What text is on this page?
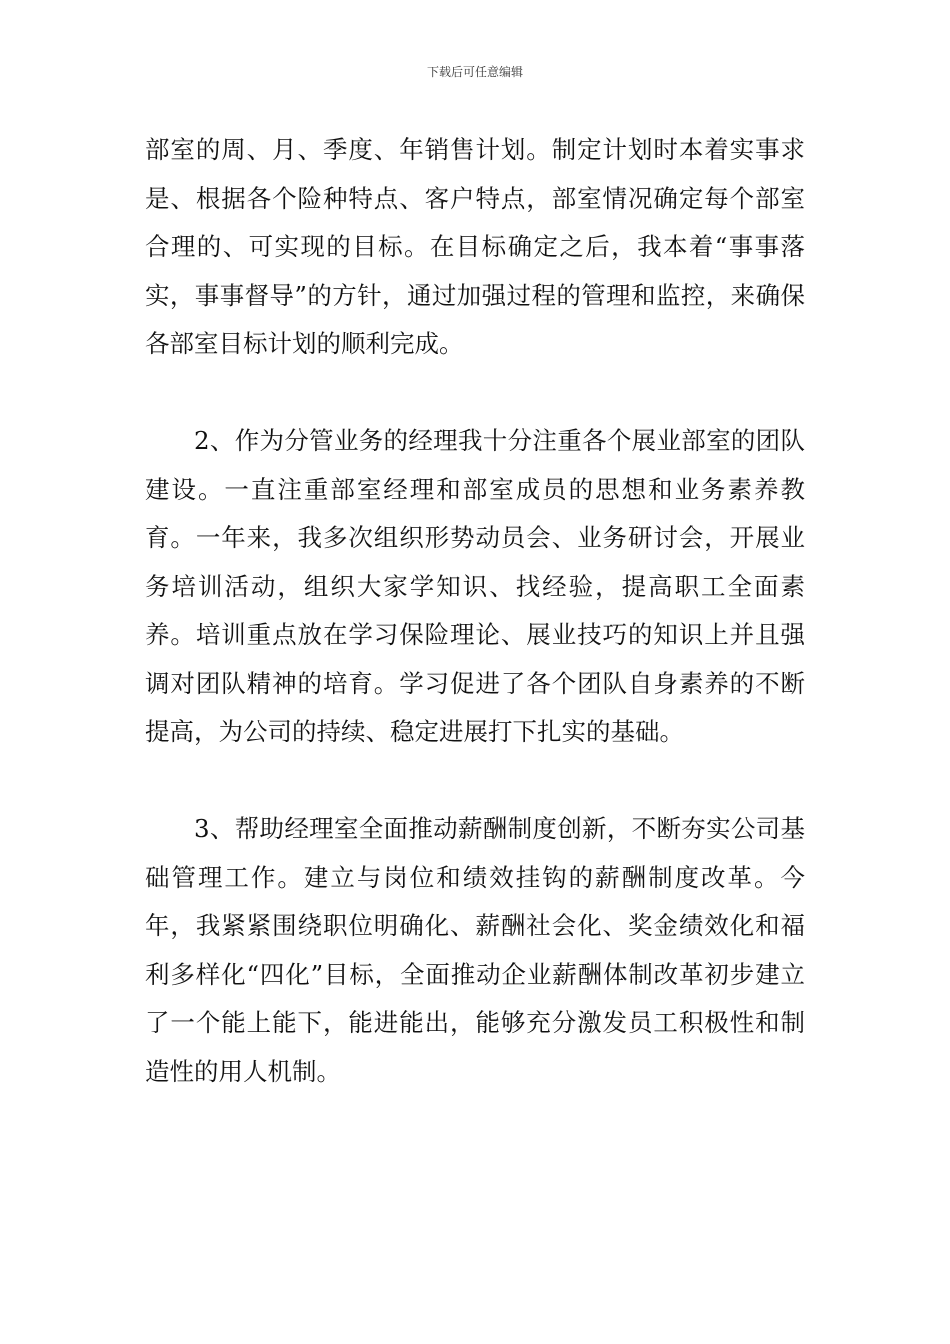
下载后可任意编辑

部室的周、月、季度、年销售计划。制定计划时本着实事求是、根据各个险种特点、客户特点，部室情况确定每个部室合理的、可实现的目标。在目标确定之后，我本着“事事落实，事事督导”的方针，通过加强过程的管理和监控，来确保各部室目标计划的顺利完成。

2、作为分管业务的经理我十分注重各个展业部室的团队建设。一直注重部室经理和部室成员的思想和业务素养教育。一年来，我多次组织形势动员会、业务研讨会，开展业务培训活动，组织大家学知识、找经验，提高职工全面素养。培训重点放在学习保险理论、展业技巧的知识上并且强调对团队精神的培育。学习促进了各个团队自身素养的不断提高，为公司的持续、稳定进展打下扎实的基础。

3、帮助经理室全面推动薪酬制度创新，不断夯实公司基础管理工作。建立与岗位和绩效挂钩的薪酬制度改革。今年，我紧紧围绕职位明确化、薪酬社会化、奖金绩效化和福利多样化“四化”目标，全面推动企业薪酬体制改革初步建立了一个能上能下，能进能出，能够充分激发员工积极性和制造性的用人机制。
